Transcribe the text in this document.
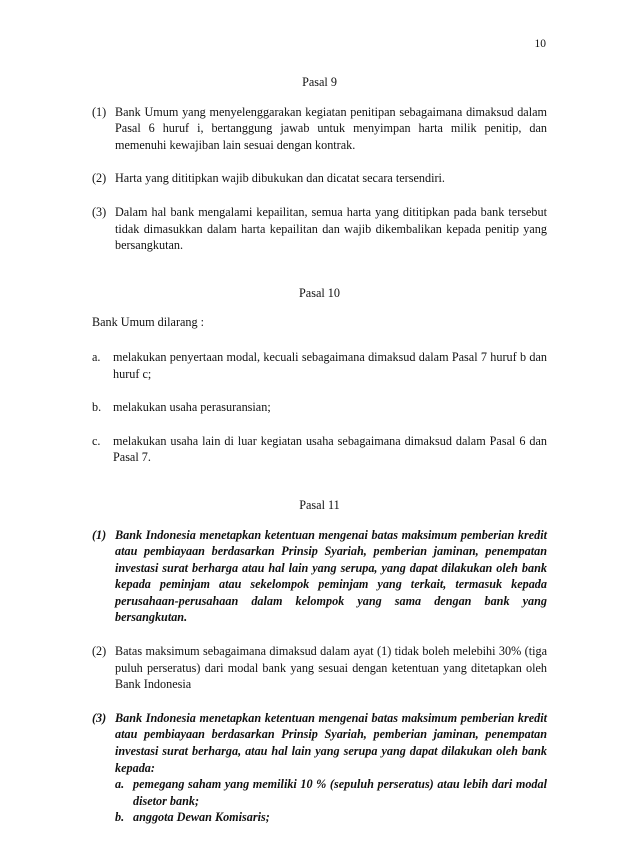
10
Pasal 9
(1) Bank Umum yang menyelenggarakan kegiatan penitipan sebagaimana dimaksud dalam Pasal 6 huruf i, bertanggung jawab untuk menyimpan harta milik penitip, dan memenuhi kewajiban lain sesuai dengan kontrak.
(2) Harta yang dititipkan wajib dibukukan dan dicatat secara tersendiri.
(3) Dalam hal bank mengalami kepailitan, semua harta yang dititipkan pada bank tersebut tidak dimasukkan dalam harta kepailitan dan wajib dikembalikan kepada penitip yang bersangkutan.
Pasal 10
Bank Umum dilarang :
a.	melakukan penyertaan modal, kecuali sebagaimana dimaksud dalam Pasal 7 huruf b dan huruf c;
b. melakukan usaha perasuransian;
c.	melakukan usaha lain di luar kegiatan usaha sebagaimana dimaksud dalam Pasal 6 dan Pasal 7.
Pasal 11
(1) Bank Indonesia menetapkan ketentuan mengenai batas maksimum pemberian kredit atau pembiayaan berdasarkan Prinsip Syariah, pemberian jaminan, penempatan investasi surat berharga atau hal lain yang serupa, yang dapat dilakukan oleh bank kepada peminjam atau sekelompok peminjam yang terkait, termasuk kepada perusahaan-perusahaan dalam kelompok yang sama dengan bank yang bersangkutan.
(2) Batas maksimum sebagaimana dimaksud dalam ayat (1) tidak boleh melebihi 30% (tiga puluh perseratus) dari modal bank yang sesuai dengan ketentuan yang ditetapkan oleh Bank Indonesia
(3) Bank Indonesia menetapkan ketentuan mengenai batas maksimum pemberian kredit atau pembiayaan berdasarkan Prinsip Syariah, pemberian jaminan, penempatan investasi surat berharga, atau hal lain yang serupa yang dapat dilakukan oleh bank kepada:
a. pemegang saham yang memiliki 10 % (sepuluh perseratus) atau lebih dari modal disetor bank;
b. anggota Dewan Komisaris;
